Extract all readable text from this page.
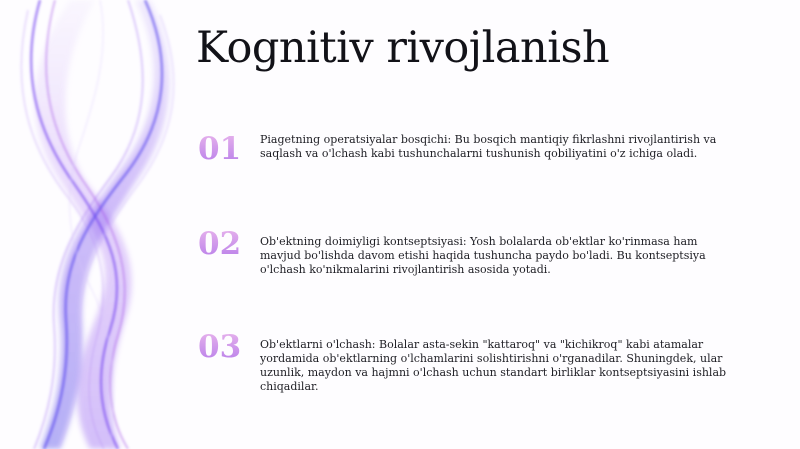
Kognitiv rivojlanish
01 Piagetning operatsiyalar bosqichi: Bu bosqich mantiqiy fikrlashni rivojlantirish va saqlash va o'lchash kabi tushunchalarni tushunish qobiliyatini o'z ichiga oladi.

02 Ob'ektning doimiyligi kontseptsiyasi: Yosh bolalarda ob'ektlar ko'rinmasa ham mavjud bo'lishda davom etishi haqida tushuncha paydo bo'ladi. Bu kontseptsiya o'lchash ko'nikmalarini rivojlantirish asosida yotadi.

03 Ob'ektlarni o'lchash: Bolalar asta-sekin "kattaroq" va "kichikroq" kabi atamalar yordamida ob'ektlarning o'lchamlarini solishtirishni o'rganadilar. Shuningdek, ular uzunlik, maydon va hajmni o'lchash uchun standart birliklar kontseptsiyasini ishlab chiqadilar.
